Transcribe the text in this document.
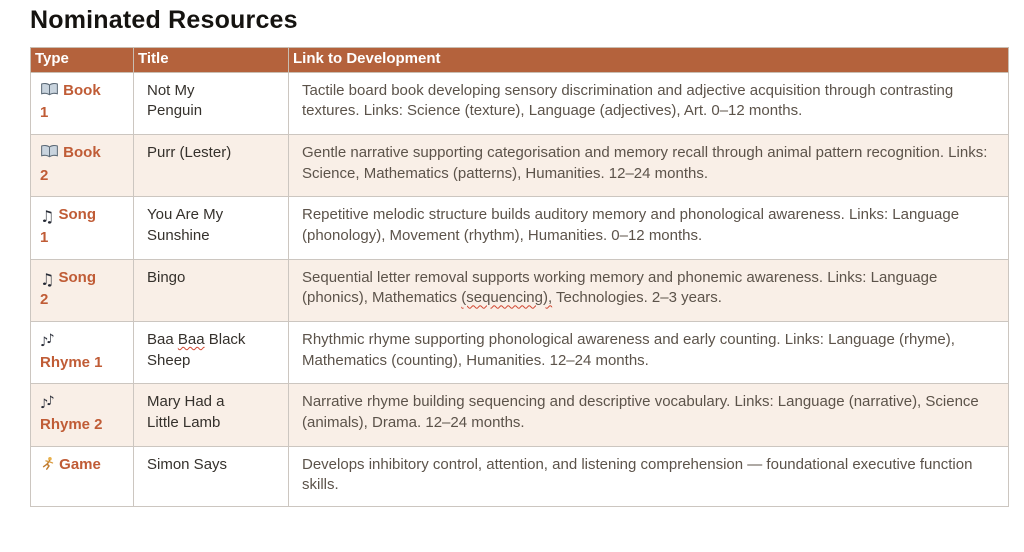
Nominated Resources
Type	Title	Link to Development
Book 1	Not My Penguin	Tactile board book developing sensory discrimination and adjective acquisition through contrasting textures. Links: Science (texture), Language (adjectives), Art. 0–12 months.
Book 2	Purr (Lester)	Gentle narrative supporting categorisation and memory recall through animal pattern recognition. Links: Science, Mathematics (patterns), Humanities. 12–24 months.
♫ Song 1	You Are My Sunshine	Repetitive melodic structure builds auditory memory and phonological awareness. Links: Language (phonology), Movement (rhythm), Humanities. 0–12 months.
♫ Song 2	Bingo	Sequential letter removal supports working memory and phonemic awareness. Links: Language (phonics), Mathematics (sequencing), Technologies. 2–3 years.
♪♪ Rhyme 1	Baa Baa Black Sheep	Rhythmic rhyme supporting phonological awareness and early counting. Links: Language (rhyme), Mathematics (counting), Humanities. 12–24 months.
♪♪ Rhyme 2	Mary Had a Little Lamb	Narrative rhyme building sequencing and descriptive vocabulary. Links: Language (narrative), Science (animals), Drama. 12–24 months.
Game	Simon Says	Develops inhibitory control, attention, and listening comprehension — foundational executive function skills.
